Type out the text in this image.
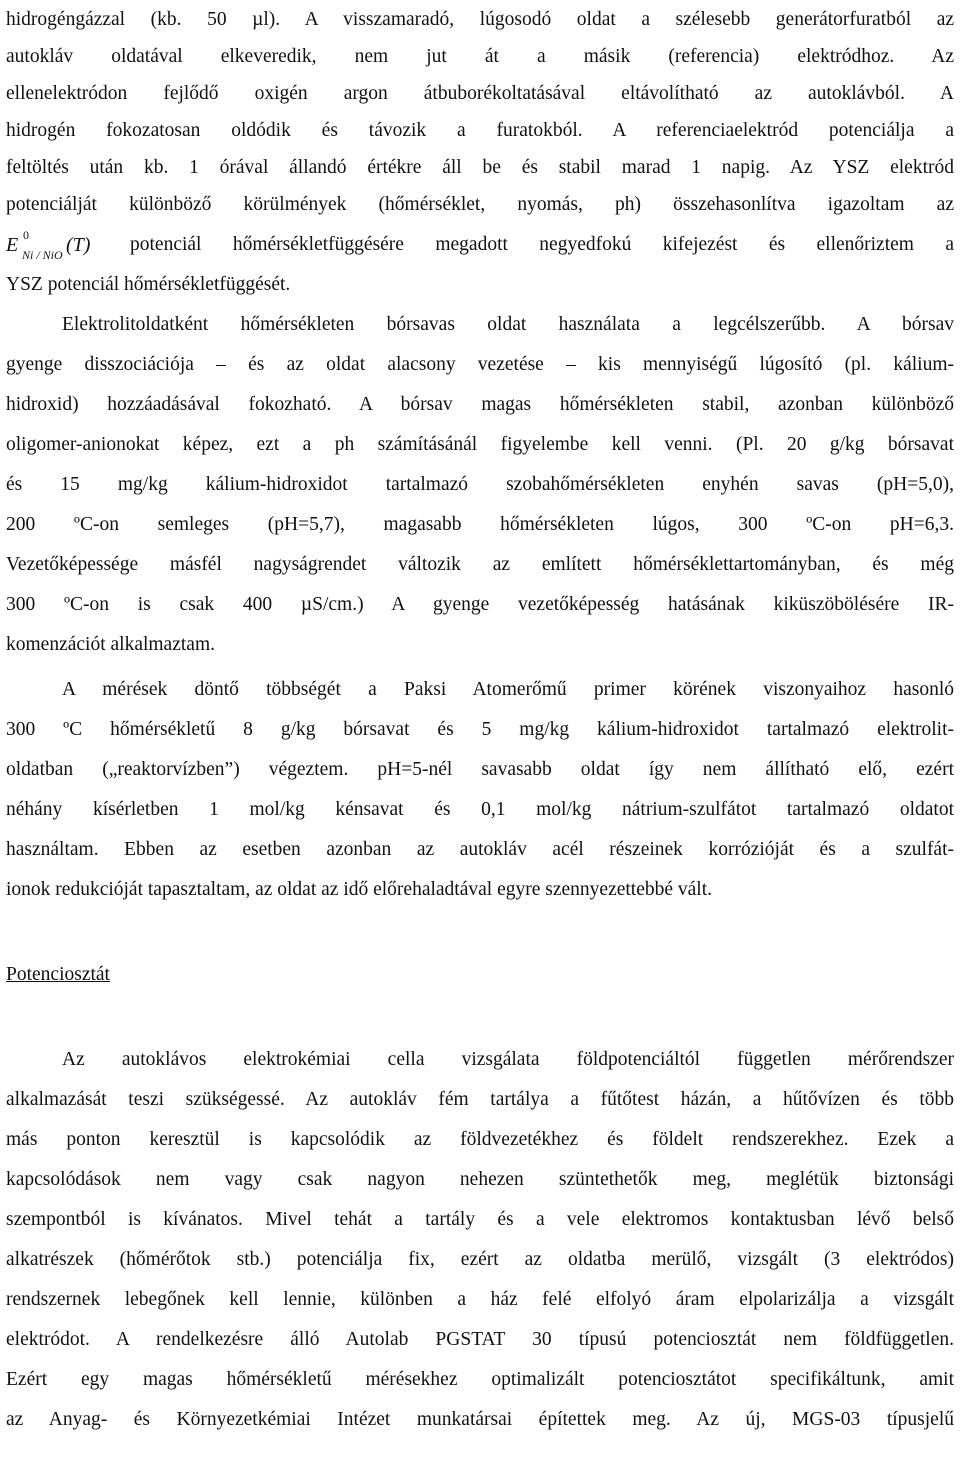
hidrogéngázzal (kb. 50 µl). A visszamaradó, lúgosodó oldat a szélesebb generátorfuratból az
autokláv oldatával elkeveredik, nem jut át a másik (referencia) elektródhoz. Az
ellenelektródon fejlődő oxigén argon átbuborékoltatásával eltávolítható az autoklávból. A
hidrogén fokozatosan oldódik és távozik a furatokból. A referenciaelektród potenciálja a
feltöltés után kb. 1 órával állandó értékre áll be és stabil marad 1 napig. Az YSZ elektród
potenciálját különböző körülmények (hőmérséklet, nyomás, ph) összehasonlítva igazoltam az
E 0
Ni / NiO (T) potenciál hőmérsékletfüggésére megadott negyedfokú kifejezést és ellenőriztem a
YSZ potenciál hőmérsékletfüggését.
Elektrolitoldatként hőmérsékleten bórsavas oldat használata a legcélszerűbb. A bórsav
gyenge disszociációja – és az oldat alacsony vezetése – kis mennyiségű lúgosító (pl. kálium-
hidroxid) hozzáadásával fokozható. A bórsav magas hőmérsékleten stabil, azonban különböző
oligomer-anionokat képez, ezt a ph számításánál figyelembe kell venni. (Pl. 20 g/kg bórsavat
és 15 mg/kg kálium-hidroxidot tartalmazó szobahőmérsékleten enyhén savas (pH=5,0),
200 ºC-on semleges (pH=5,7), magasabb hőmérsékleten lúgos, 300 ºC-on pH=6,3.
Vezetőképessége másfél nagyságrendet változik az említett hőmérséklettartományban, és még
300 ºC-on is csak 400 µS/cm.) A gyenge vezetőképesség hatásának kiküszöbölésére IR-
komenzációt alkalmaztam.
A mérések döntő többségét a Paksi Atomerőmű primer körének viszonyaihoz hasonló
300 ºC hőmérsékletű 8 g/kg bórsavat és 5 mg/kg kálium-hidroxidot tartalmazó elektrolit-
oldatban („reaktorvízben”) végeztem. pH=5-nél savasabb oldat így nem állítható elő, ezért
néhány kísérletben 1 mol/kg kénsavat és 0,1 mol/kg nátrium-szulfátot tartalmazó oldatot
használtam. Ebben az esetben azonban az autokláv acél részeinek korrózióját és a szulfát-
ionok redukcióját tapasztaltam, az oldat az idő előrehaladtával egyre szennyezettebbé vált.
Potenciosztát
Az autoklávos elektrokémiai cella vizsgálata földpotenciáltól független mérőrendszer
alkalmazását teszi szükségessé. Az autokláv fém tartálya a fűtőtest házán, a hűtővízen és több
más ponton keresztül is kapcsolódik az földvezetékhez és földelt rendszerekhez. Ezek a
kapcsolódások nem vagy csak nagyon nehezen szüntethetők meg, meglétük biztonsági
szempontból is kívánatos. Mivel tehát a tartály és a vele elektromos kontaktusban lévő belső
alkatrészek (hőmérőtok stb.) potenciálja fix, ezért az oldatba merülő, vizsgált (3 elektródos)
rendszernek lebegőnek kell lennie, különben a ház felé elfolyó áram elpolarizálja a vizsgált
elektródot. A rendelkezésre álló Autolab PGSTAT 30 típusú potenciosztát nem földfüggetlen.
Ezért egy magas hőmérsékletű mérésekhez optimalizált potenciosztátot specifikáltunk, amit
az Anyag- és Környezetkémiai Intézet munkatársai építettek meg. Az új, MGS-03 típusjelű
